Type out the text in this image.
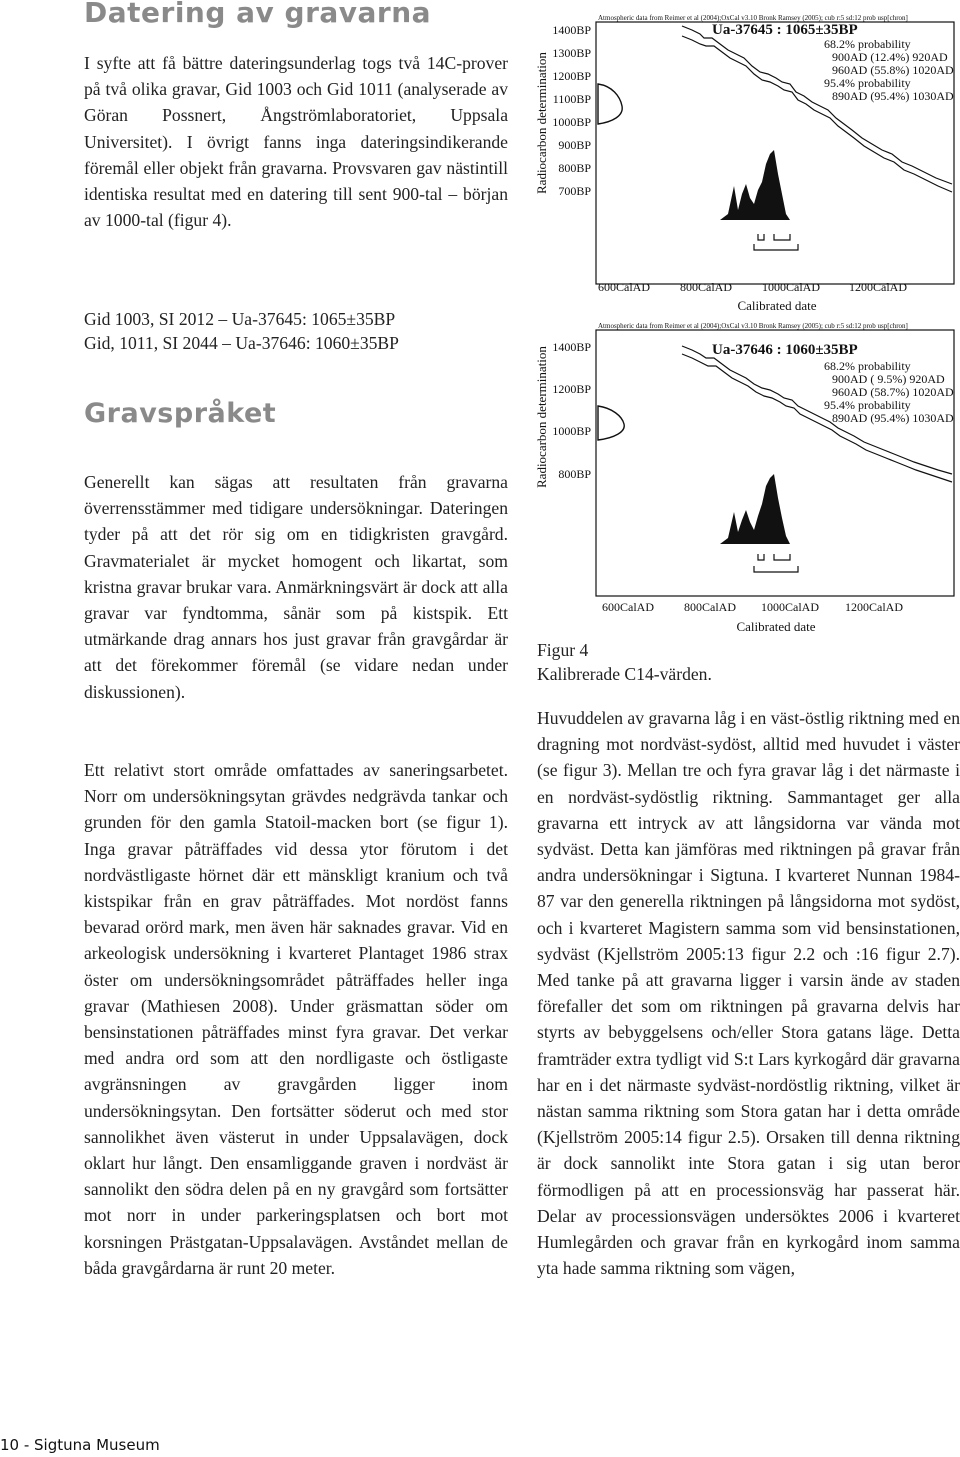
Datering av gravarna

I syfte att få bättre dateringsunderlag togs två 14C-prover på två olika gravar, Gid 1003 och Gid 1011 (analyserade av Göran Possnert, Ångströmlaboratoriet, Uppsala Universitet). I övrigt fanns inga dateringsindikerande föremål eller objekt från gravarna. Provsvaren gav nästintill identiska resultat med en datering till sent 900-tal – början av 1000-tal (figur 4).

Gid 1003, SI 2012 – Ua-37645: 1065±35BP

Gid, 1011, SI 2044 – Ua-37646: 1060±35BP

Gravspråket

Generellt kan sägas att resultaten från gravarna överrensstämmer med tidigare undersökningar. Dateringen tyder på att det rör sig om en tidigkristen gravgård. Gravmaterialet är mycket homogent och likartat, som kristna gravar brukar vara. Anmärkningsvärt är dock att alla gravar var fyndtomma, sånär som på kistspik. Ett utmärkande drag annars hos just gravar från gravgårdar är att det förekommer föremål (se vidare nedan under diskussionen).

Ett relativt stort område omfattades av saneringsarbetet. Norr om undersökningsytan grävdes nedgrävda tankar och grunden för den gamla Statoil-macken bort (se figur 1). Inga gravar påträffades vid dessa ytor förutom i det nordvästligaste hörnet där ett mänskligt kranium och två kistspikar från en grav påträffades. Mot nordöst fanns bevarad orörd mark, men även här saknades gravar. Vid en arkeologisk undersökning i kvarteret Plantaget 1986 strax öster om undersökningsområdet påträffades heller inga gravar (Mathiesen 2008). Under gräsmattan söder om bensinstationen påträffades minst fyra gravar. Det verkar med andra ord som att den nordligaste och östligaste avgränsningen av gravgården ligger inom undersökningsytan. Den fortsätter söderut och med stor sannolikhet även västerut in under Uppsalavägen, dock oklart hur långt. Den ensamliggande graven i nordväst är sannolikt den södra delen på en ny gravgård som fortsätter mot norr in under parkeringsplatsen och bort mot korsningen Prästgatan-Uppsalavägen. Avståndet mellan de båda gravgårdarna är runt 20 meter.

Atmospheric data from Reimer et al (2004);OxCal v3.10 Bronk Ramsey (2005); cub r:5 sd:12 prob usp[chron]
Ua-37645 : 1065±35BP
68.2% probability
900AD (12.4%) 920AD
960AD (55.8%) 1020AD
95.4% probability
890AD (95.4%) 1030AD
1400BP
1300BP
1200BP
1100BP
1000BP
900BP
800BP
700BP
Radiocarbon determination
600CalAD	800CalAD	1000CalAD 1200CalAD
Calibrated date
Atmospheric data from Reimer et al (2004);OxCal v3.10 Bronk Ramsey (2005); cub r:5 sd:12 prob usp[chron]
Ua-37646 : 1060±35BP
68.2% probability
900AD ( 9.5%) 920AD
960AD (58.7%) 1020AD
95.4% probability
890AD (95.4%) 1030AD
1400BP
1200BP
1000BP
800BP
Radiocarbon determination
600CalAD	800CalAD 1000CalAD 1200CalAD
Calibrated date

Figur 4

Kalibrerade C14-värden.

Huvuddelen av gravarna låg i en väst-östlig riktning med en dragning mot nordväst-sydöst, alltid med huvudet i väster (se figur 3). Mellan tre och fyra gravar låg i det närmaste i en nordväst-sydöstlig riktning. Sammantaget ger alla gravarna ett intryck av att långsidorna var vända mot sydväst. Detta kan jämföras med riktningen på gravar från andra undersökningar i Sigtuna. I kvarteret Nunnan 1984-87 var den generella riktningen på långsidorna mot sydöst, och i kvarteret Magistern samma som vid bensinstationen, sydväst (Kjellström 2005:13 figur 2.2 och :16 figur 2.7). Med tanke på att gravarna ligger i varsin ände av staden förefaller det som om riktningen på gravarna delvis har styrts av bebyggelsens och/eller Stora gatans läge. Detta framträder extra tydligt vid S:t Lars kyrkogård där gravarna har en i det närmaste sydväst-nordöstlig riktning, vilket är nästan samma riktning som Stora gatan har i detta område (Kjellström 2005:14 figur 2.5). Orsaken till denna riktning är dock sannolikt inte Stora gatan i sig utan beror förmodligen på att en processionsväg har passerat här. Delar av processionsvägen undersöktes 2006 i kvarteret Humlegården och gravar från en kyrkogård inom samma yta hade samma riktning som vägen,

10 - Sigtuna Museum
